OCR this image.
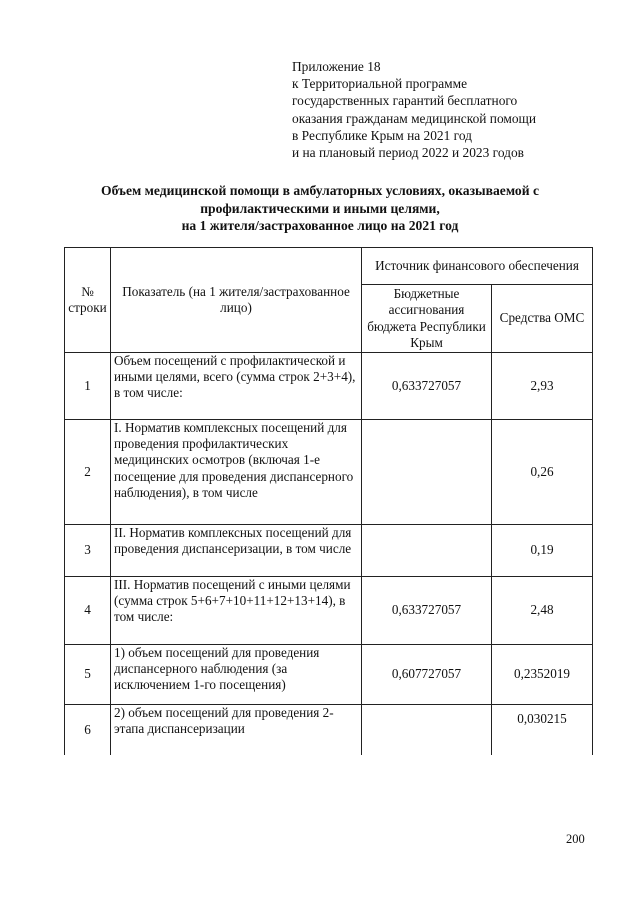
Приложение 18
к Территориальной программе
государственных гарантий бесплатного
оказания гражданам медицинской помощи
в Республике Крым на 2021 год
и на плановый период 2022 и 2023 годов
Объем медицинской помощи в амбулаторных условиях, оказываемой с
профилактическими и иными целями,
на 1 жителя/застрахованное лицо на 2021 год
№ строки	Показатель (на 1 жителя/застрахованное лицо)	Источник финансового обеспечения	
		Бюджетные ассигнования бюджета Республики Крым	Средства ОМС
1	Объем посещений с профилактической и иными целями, всего (сумма строк 2+3+4), в том числе:	0,633727057	2,93
2	I. Норматив комплексных посещений для проведения профилактических медицинских осмотров (включая 1-е посещение для проведения диспансерного наблюдения), в том числе		0,26
3	II. Норматив комплексных посещений для проведения диспансеризации, в том числе		0,19
4	III. Норматив посещений с иными целями (сумма строк 5+6+7+10+11+12+13+14), в том числе:	0,633727057	2,48
5	1) объем посещений для проведения диспансерного наблюдения (за исключением 1-го посещения)	0,607727057	0,2352019
6	2) объем посещений для проведения 2-этапа диспансеризации		0,030215
200
